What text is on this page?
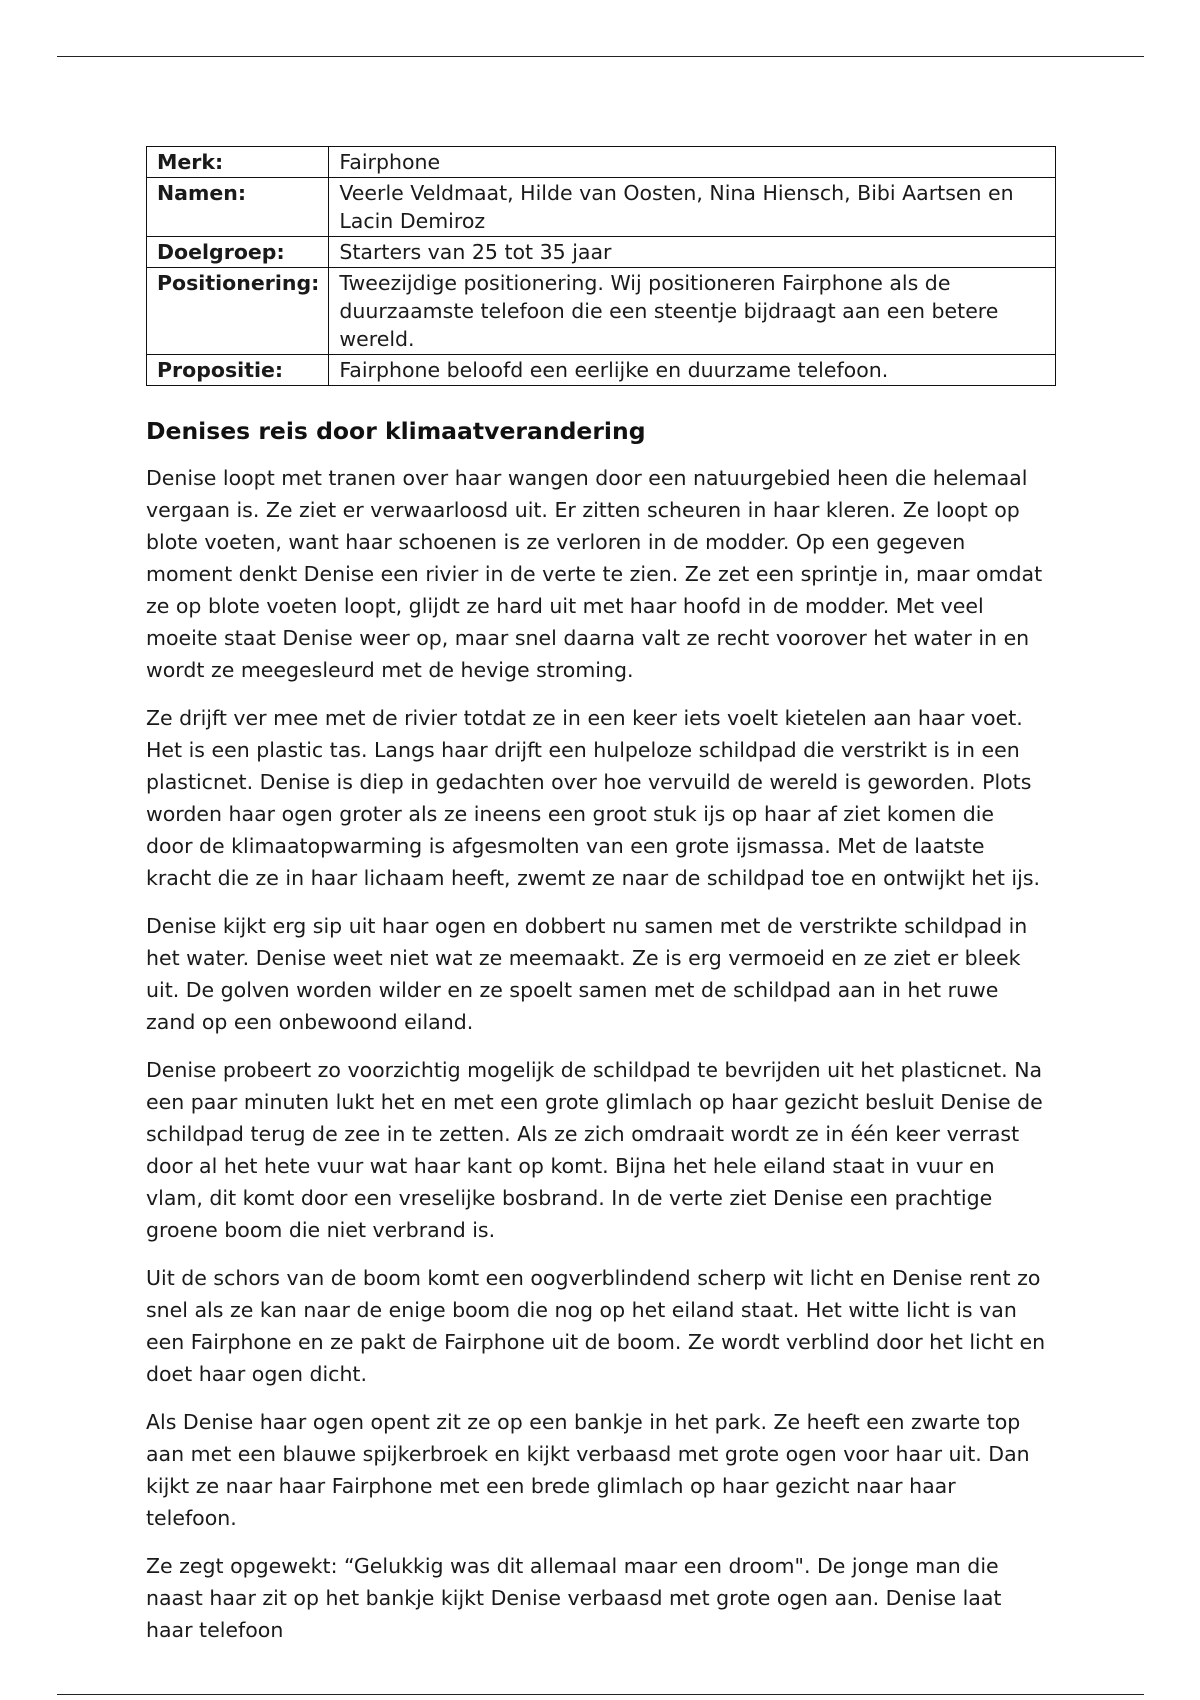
Merk:	Fairphone
Namen:	Veerle Veldmaat, Hilde van Oosten, Nina Hiensch, Bibi Aartsen en Lacin Demiroz
Doelgroep:	Starters van 25 tot 35 jaar
Positionering:	Tweezijdige positionering. Wij positioneren Fairphone als de duurzaamste telefoon die een steentje bijdraagt aan een betere wereld.
Propositie:	Fairphone beloofd een eerlijke en duurzame telefoon.
Denises reis door klimaatverandering

Denise loopt met tranen over haar wangen door een natuurgebied heen die helemaal vergaan is. Ze ziet er verwaarloosd uit. Er zitten scheuren in haar kleren. Ze loopt op blote voeten, want haar schoenen is ze verloren in de modder. Op een gegeven moment denkt Denise een rivier in de verte te zien. Ze zet een sprintje in, maar omdat ze op blote voeten loopt, glijdt ze hard uit met haar hoofd in de modder. Met veel moeite staat Denise weer op, maar snel daarna valt ze recht voorover het water in en wordt ze meegesleurd met de hevige stroming.

Ze drijft ver mee met de rivier totdat ze in een keer iets voelt kietelen aan haar voet. Het is een plastic tas. Langs haar drijft een hulpeloze schildpad die verstrikt is in een plasticnet. Denise is diep in gedachten over hoe vervuild de wereld is geworden. Plots worden haar ogen groter als ze ineens een groot stuk ijs op haar af ziet komen die door de klimaatopwarming is afgesmolten van een grote ijsmassa. Met de laatste kracht die ze in haar lichaam heeft, zwemt ze naar de schildpad toe en ontwijkt het ijs.

Denise kijkt erg sip uit haar ogen en dobbert nu samen met de verstrikte schildpad in het water. Denise weet niet wat ze meemaakt. Ze is erg vermoeid en ze ziet er bleek uit. De golven worden wilder en ze spoelt samen met de schildpad aan in het ruwe zand op een onbewoond eiland.

Denise probeert zo voorzichtig mogelijk de schildpad te bevrijden uit het plasticnet. Na een paar minuten lukt het en met een grote glimlach op haar gezicht besluit Denise de schildpad terug de zee in te zetten. Als ze zich omdraait wordt ze in één keer verrast door al het hete vuur wat haar kant op komt. Bijna het hele eiland staat in vuur en vlam, dit komt door een vreselijke bosbrand. In de verte ziet Denise een prachtige groene boom die niet verbrand is.

Uit de schors van de boom komt een oogverblindend scherp wit licht en Denise rent zo snel als ze kan naar de enige boom die nog op het eiland staat. Het witte licht is van een Fairphone en ze pakt de Fairphone uit de boom. Ze wordt verblind door het licht en doet haar ogen dicht.

Als Denise haar ogen opent zit ze op een bankje in het park. Ze heeft een zwarte top aan met een blauwe spijkerbroek en kijkt verbaasd met grote ogen voor haar uit. Dan kijkt ze naar haar Fairphone met een brede glimlach op haar gezicht naar haar telefoon.

Ze zegt opgewekt: “Gelukkig was dit allemaal maar een droom". De jonge man die naast haar zit op het bankje kijkt Denise verbaasd met grote ogen aan. Denise laat haar telefoon
